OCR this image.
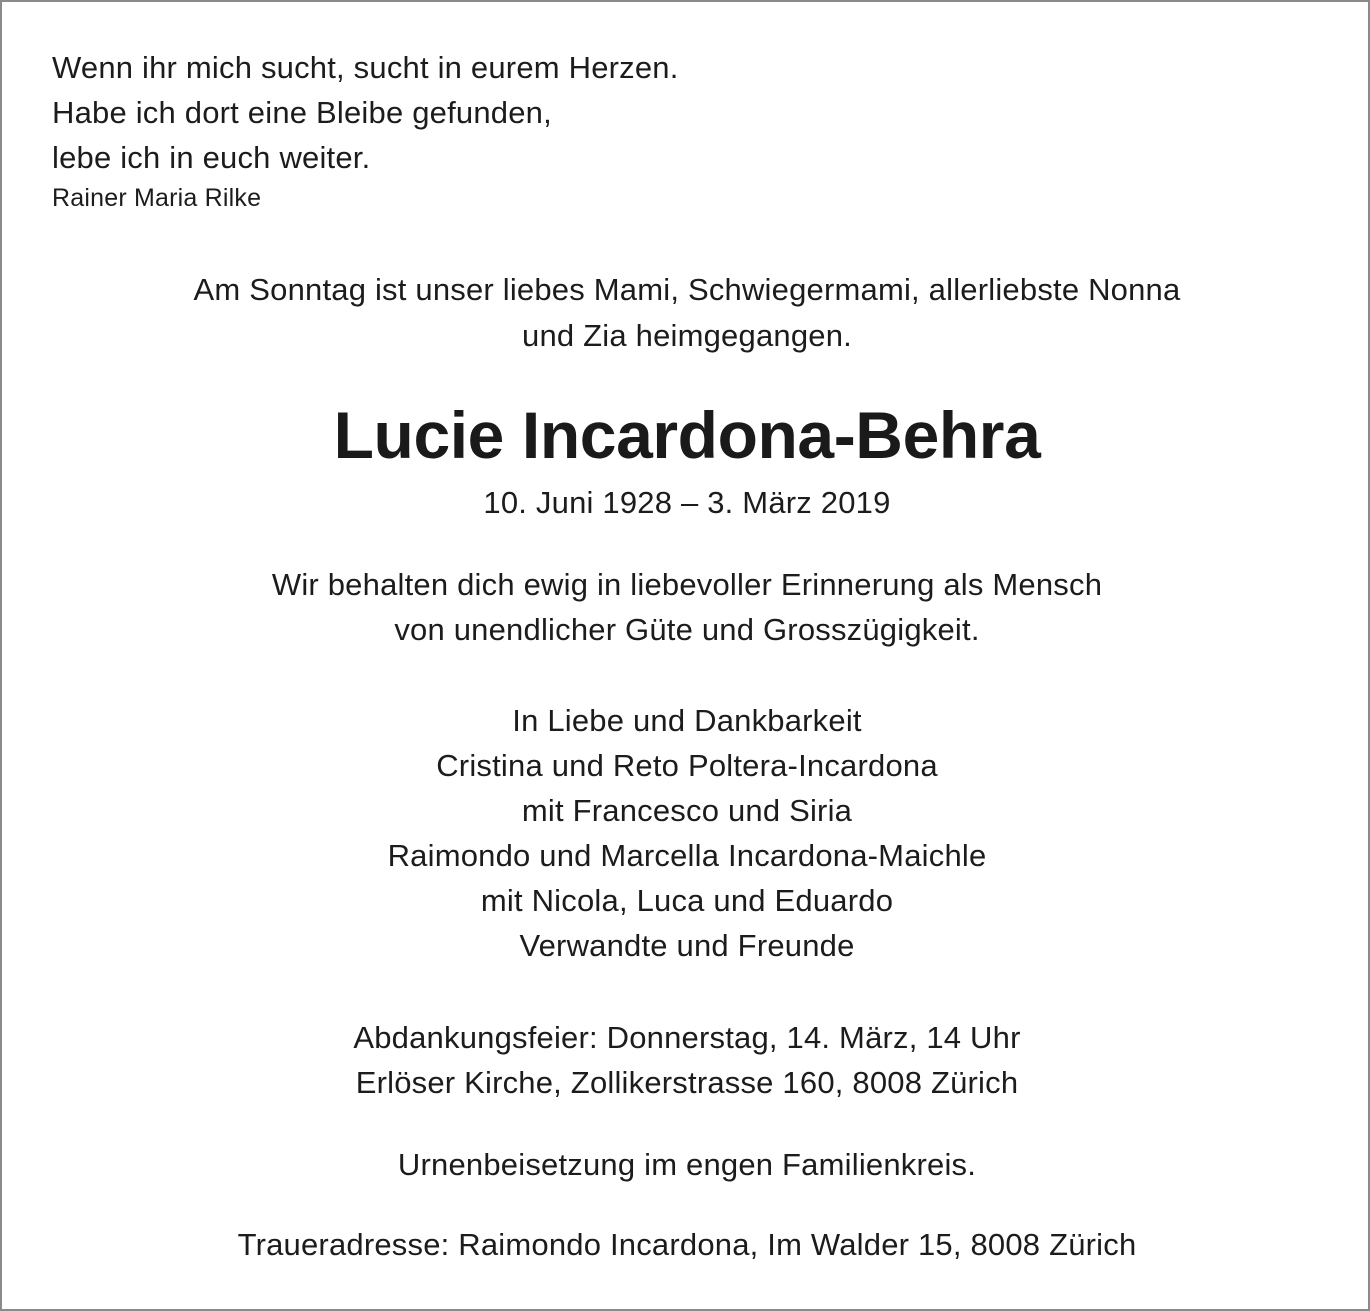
Wenn ihr mich sucht, sucht in eurem Herzen.

Habe ich dort eine Bleibe gefunden,

lebe ich in euch weiter.

Rainer Maria Rilke

Am Sonntag ist unser liebes Mami, Schwiegermami, allerliebste Nonna

und Zia heimgegangen.

Lucie Incardona-Behra

10. Juni 1928 – 3. März 2019

Wir behalten dich ewig in liebevoller Erinnerung als Mensch

von unendlicher Güte und Grosszügigkeit.

In Liebe und Dankbarkeit

Cristina und Reto Poltera-Incardona

mit Francesco und Siria

Raimondo und Marcella Incardona-Maichle

mit Nicola, Luca und Eduardo

Verwandte und Freunde

Abdankungsfeier: Donnerstag, 14. März, 14 Uhr

Erlöser Kirche, Zollikerstrasse 160, 8008 Zürich

Urnenbeisetzung im engen Familienkreis.

Traueradresse: Raimondo Incardona, Im Walder 15, 8008 Zürich
